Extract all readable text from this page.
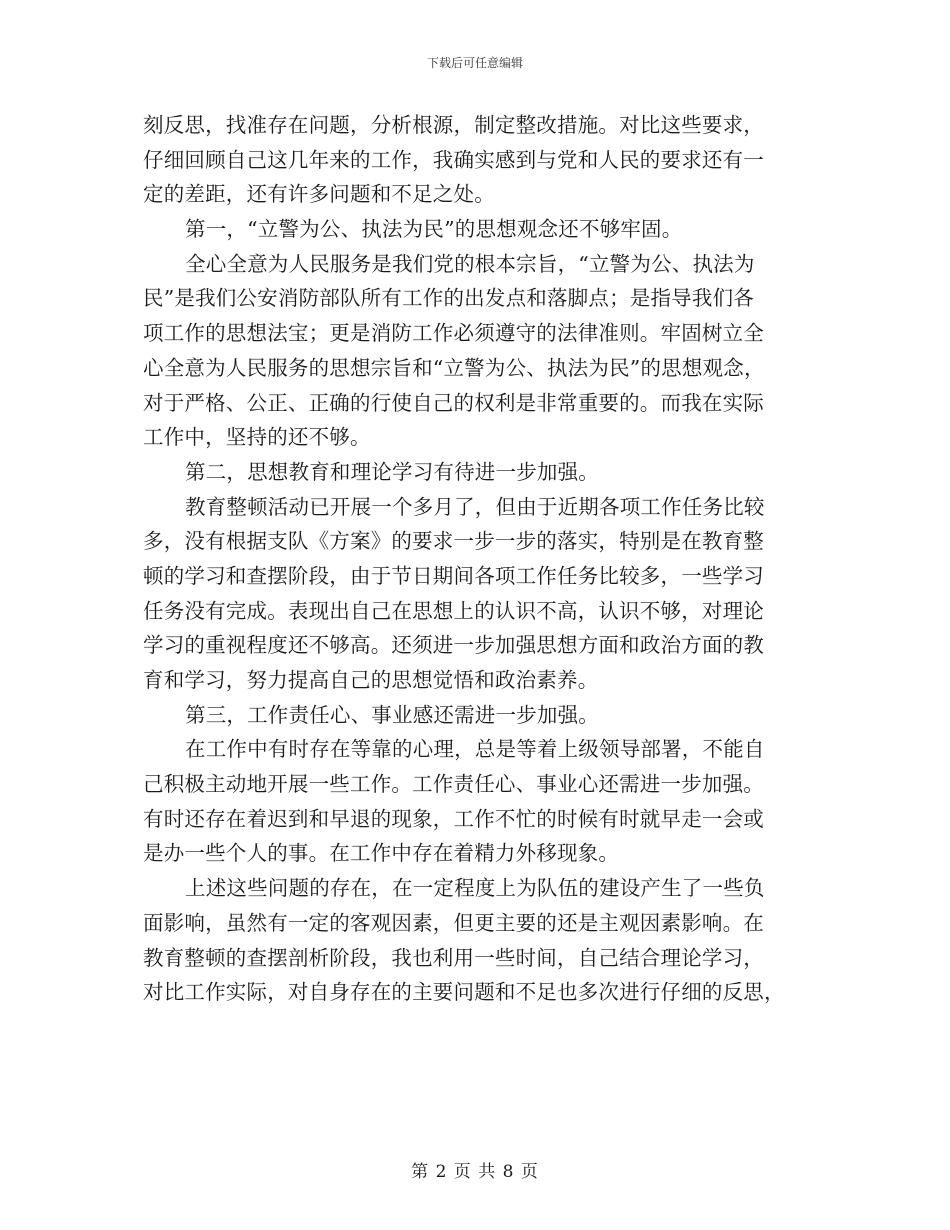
下载后可任意编辑
刻反思，找准存在问题，分析根源，制定整改措施。对比这些要求，
仔细回顾自己这几年来的工作，我确实感到与党和人民的要求还有一
定的差距，还有许多问题和不足之处。
第一，“立警为公、执法为民”的思想观念还不够牢固。
全心全意为人民服务是我们党的根本宗旨，“立警为公、执法为
民”是我们公安消防部队所有工作的出发点和落脚点；是指导我们各
项工作的思想法宝；更是消防工作必须遵守的法律准则。牢固树立全
心全意为人民服务的思想宗旨和“立警为公、执法为民”的思想观念，
对于严格、公正、正确的行使自己的权利是非常重要的。而我在实际
工作中，坚持的还不够。
第二，思想教育和理论学习有待进一步加强。
教育整顿活动已开展一个多月了，但由于近期各项工作任务比较
多，没有根据支队《方案》的要求一步一步的落实，特别是在教育整
顿的学习和查摆阶段，由于节日期间各项工作任务比较多，一些学习
任务没有完成。表现出自己在思想上的认识不高，认识不够，对理论
学习的重视程度还不够高。还须进一步加强思想方面和政治方面的教
育和学习，努力提高自己的思想觉悟和政治素养。
第三，工作责任心、事业感还需进一步加强。
在工作中有时存在等靠的心理，总是等着上级领导部署，不能自
己积极主动地开展一些工作。工作责任心、事业心还需进一步加强。
有时还存在着迟到和早退的现象，工作不忙的时候有时就早走一会或
是办一些个人的事。在工作中存在着精力外移现象。
上述这些问题的存在，在一定程度上为队伍的建设产生了一些负
面影响，虽然有一定的客观因素，但更主要的还是主观因素影响。在
教育整顿的查摆剖析阶段，我也利用一些时间，自己结合理论学习，
对比工作实际，对自身存在的主要问题和不足也多次进行仔细的反思，
第 2 页 共 8 页
